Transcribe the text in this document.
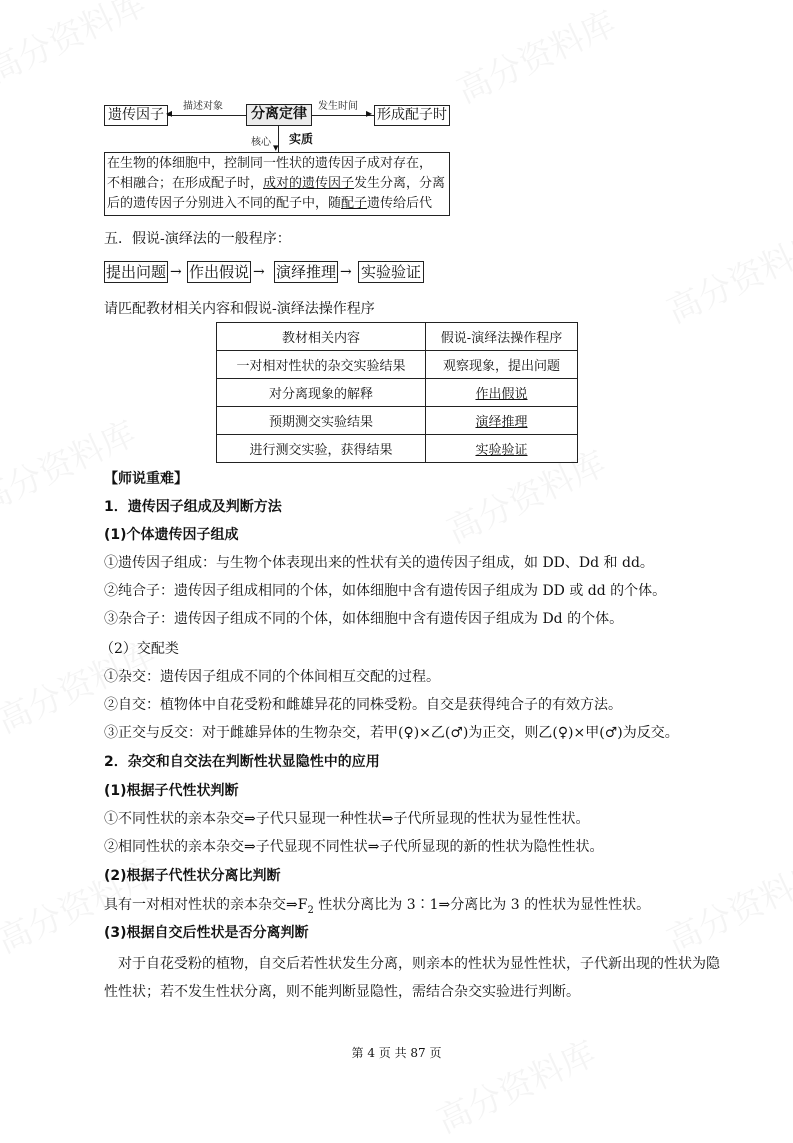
遗传因子 ◂ 描述对象	分离定律	▸
发生时间
形成配子时
▾
核心 实质
在生物的体细胞中，控制同一性状的遗传因子成对存在，
不相融合；在形成配子时，成对的遗传因子发生分离，分离
后的遗传因子分别进入不同的配子中，随配子遗传给后代
五．假说-演绎法的一般程序：
提出问题 → 作出假说 → 演绎推理 → 实验验证
请匹配教材相关内容和假说-演绎法操作程序
教材相关内容	假说-演绎法操作程序
一对相对性状的杂交实验结果	观察现象，提出问题
对分离现象的解释	作出假说
预期测交实验结果	演绎推理
进行测交实验，获得结果	实验验证
【师说重难】
1．遗传因子组成及判断方法
(1)个体遗传因子组成
①遗传因子组成：与生物个体表现出来的性状有关的遗传因子组成，如 DD、Dd 和 dd。
②纯合子：遗传因子组成相同的个体，如体细胞中含有遗传因子组成为 DD 或 dd 的个体。
③杂合子：遗传因子组成不同的个体，如体细胞中含有遗传因子组成为 Dd 的个体。
（2）交配类
①杂交：遗传因子组成不同的个体间相互交配的过程。
②自交：植物体中自花受粉和雌雄异花的同株受粉。自交是获得纯合子的有效方法。
③正交与反交：对于雌雄异体的生物杂交，若甲(♀)×乙(♂)为正交，则乙(♀)×甲(♂)为反交。
2．杂交和自交法在判断性状显隐性中的应用
(1)根据子代性状判断
①不同性状的亲本杂交⇒子代只显现一种性状⇒子代所显现的性状为显性性状。
②相同性状的亲本杂交⇒子代显现不同性状⇒子代所显现的新的性状为隐性性状。
(2)根据子代性状分离比判断
具有一对相对性状的亲本杂交$\Rightarrow F_2$ 性状分离比为 3∶1⇒分离比为 3 的性状为显性性状。
(3)根据自交后性状是否分离判断
对于自花受粉的植物，自交后若性状发生分离，则亲本的性状为显性性状，子代新出现的性状为隐性性状；若不发生性状分离，则不能判断显隐性，需结合杂交实验进行判断。
第 4 页 共 87 页
